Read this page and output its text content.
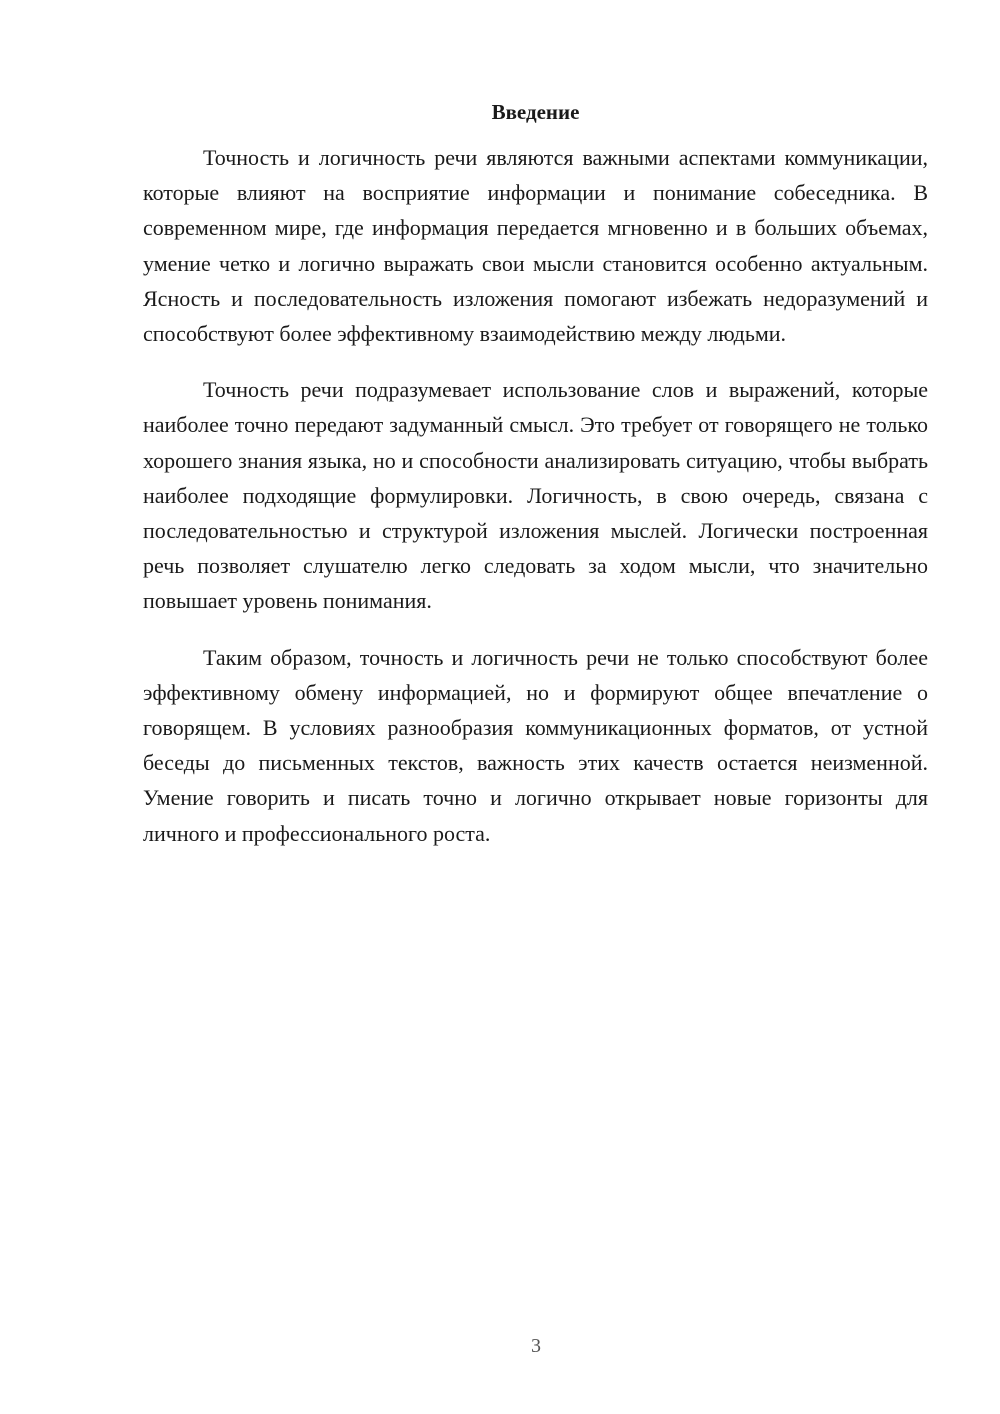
Введение

Точность и логичность речи являются важными аспектами коммуникации, которые влияют на восприятие информации и понимание собеседника. В современном мире, где информация передается мгновенно и в больших объемах, умение четко и логично выражать свои мысли становится особенно актуальным. Ясность и последовательность изложения помогают избежать недоразумений и способствуют более эффективному взаимодействию между людьми.

Точность речи подразумевает использование слов и выражений, которые наиболее точно передают задуманный смысл. Это требует от говорящего не только хорошего знания языка, но и способности анализировать ситуацию, чтобы выбрать наиболее подходящие формулировки. Логичность, в свою очередь, связана с последовательностью и структурой изложения мыслей. Логически построенная речь позволяет слушателю легко следовать за ходом мысли, что значительно повышает уровень понимания.

Таким образом, точность и логичность речи не только способствуют более эффективному обмену информацией, но и формируют общее впечатление о говорящем. В условиях разнообразия коммуникационных форматов, от устной беседы до письменных текстов, важность этих качеств остается неизменной. Умение говорить и писать точно и логично открывает новые горизонты для личного и профессионального роста.

3
